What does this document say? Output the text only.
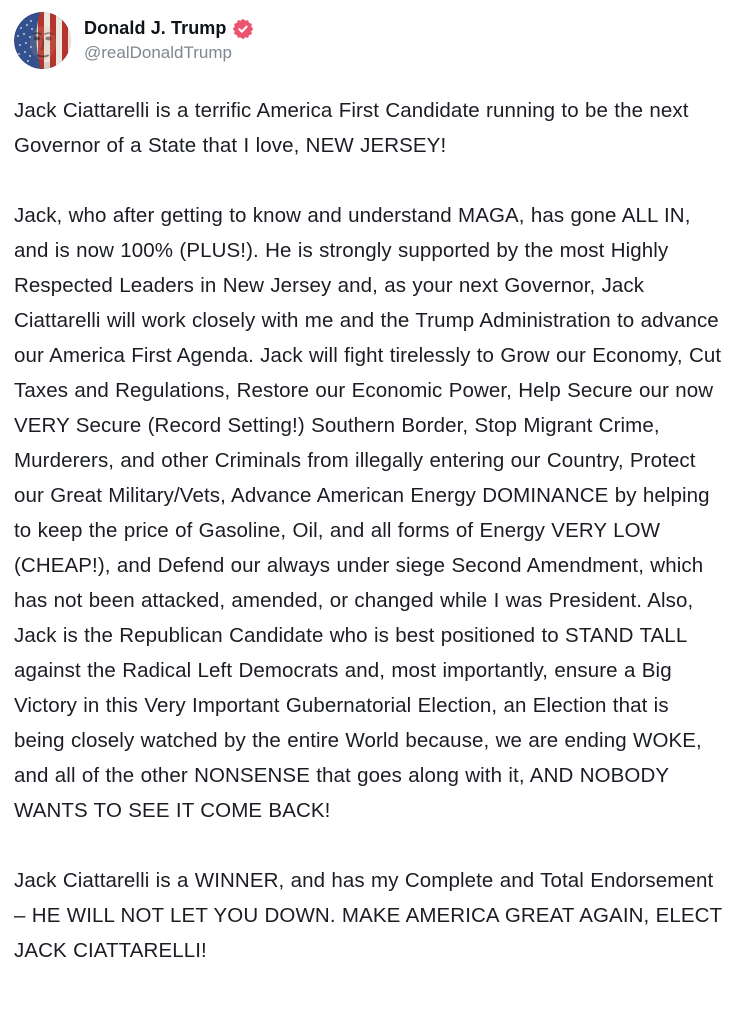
Donald J. Trump
@realDonaldTrump

Jack Ciattarelli is a terrific America First Candidate running to be the next Governor of a State that I love, NEW JERSEY!

Jack, who after getting to know and understand MAGA, has gone ALL IN, and is now 100% (PLUS!). He is strongly supported by the most Highly Respected Leaders in New Jersey and, as your next Governor, Jack Ciattarelli will work closely with me and the Trump Administration to advance our America First Agenda. Jack will fight tirelessly to Grow our Economy, Cut Taxes and Regulations, Restore our Economic Power, Help Secure our now VERY Secure (Record Setting!) Southern Border, Stop Migrant Crime, Murderers, and other Criminals from illegally entering our Country, Protect our Great Military/Vets, Advance American Energy DOMINANCE by helping to keep the price of Gasoline, Oil, and all forms of Energy VERY LOW (CHEAP!), and Defend our always under siege Second Amendment, which has not been attacked, amended, or changed while I was President. Also, Jack is the Republican Candidate who is best positioned to STAND TALL against the Radical Left Democrats and, most importantly, ensure a Big Victory in this Very Important Gubernatorial Election, an Election that is being closely watched by the entire World because, we are ending WOKE, and all of the other NONSENSE that goes along with it, AND NOBODY WANTS TO SEE IT COME BACK!

Jack Ciattarelli is a WINNER, and has my Complete and Total Endorsement – HE WILL NOT LET YOU DOWN. MAKE AMERICA GREAT AGAIN, ELECT JACK CIATTARELLI!
